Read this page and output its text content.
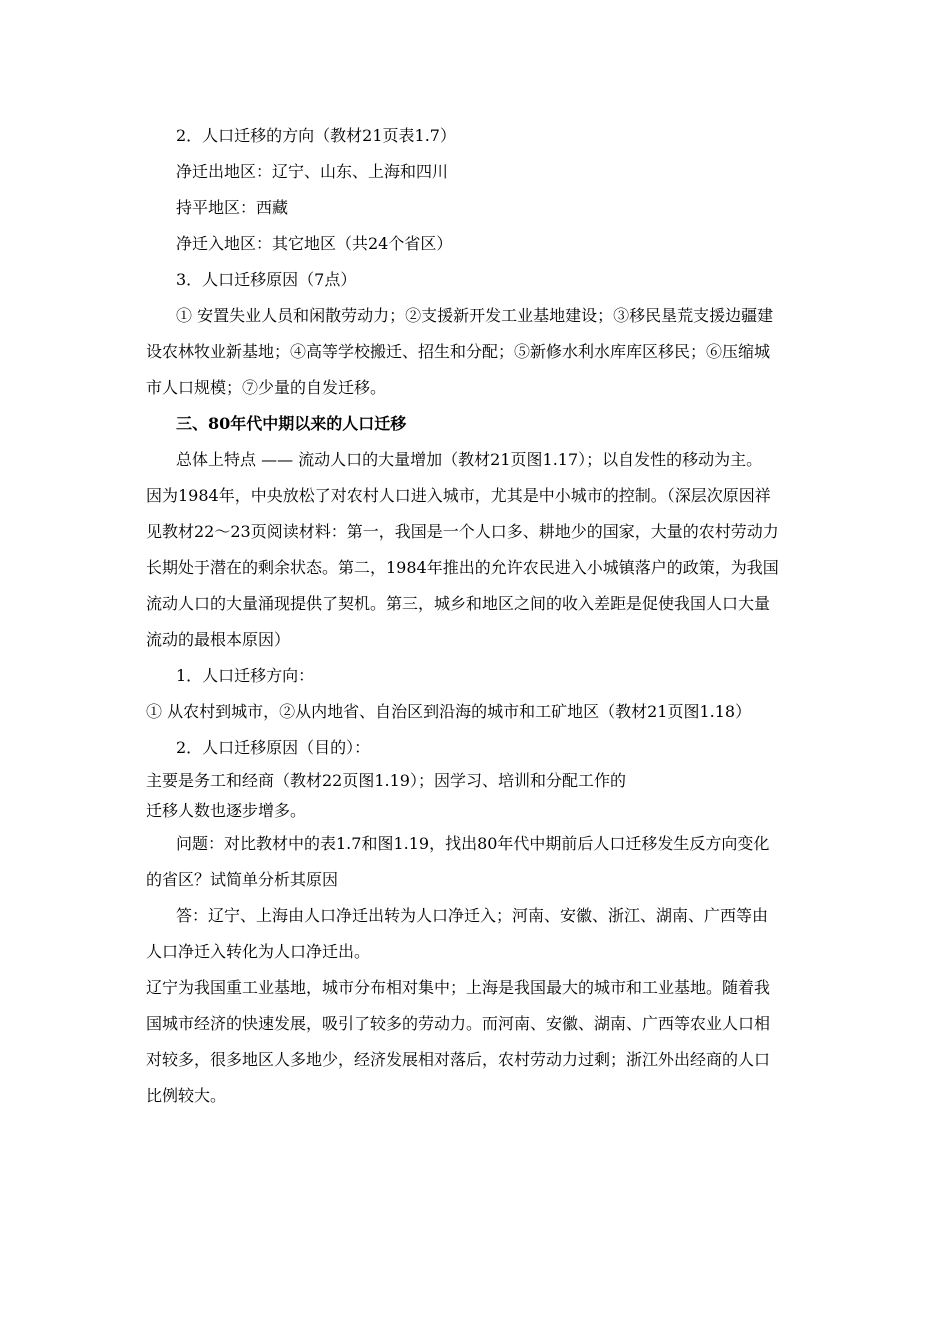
2．人口迁移的方向（教材21页表1.7）

净迁出地区：辽宁、山东、上海和四川

持平地区：西藏

净迁入地区：其它地区（共24个省区）

3．人口迁移原因（7点）

① 安置失业人员和闲散劳动力；②支援新开发工业基地建设；③移民垦荒支援边疆建

设农林牧业新基地；④高等学校搬迁、招生和分配；⑤新修水利水库库区移民；⑥压缩城

市人口规模；⑦少量的自发迁移。

三、80年代中期以来的人口迁移

总体上特点 —— 流动人口的大量增加（教材21页图1.17）；以自发性的移动为主。

因为1984年，中央放松了对农村人口进入城市，尤其是中小城市的控制。（深层次原因祥

见教材22～23页阅读材料：第一，我国是一个人口多、耕地少的国家，大量的农村劳动力

长期处于潜在的剩余状态。第二，1984年推出的允许农民进入小城镇落户的政策，为我国

流动人口的大量涌现提供了契机。第三，城乡和地区之间的收入差距是促使我国人口大量

流动的最根本原因）

1．人口迁移方向：

① 从农村到城市，②从内地省、自治区到沿海的城市和工矿地区（教材21页图1.18）

2．人口迁移原因（目的）：

主要是务工和经商（教材22页图1.19）；因学习、培训和分配工作的

迁移人数也逐步增多。

问题：对比教材中的表1.7和图1.19，找出80年代中期前后人口迁移发生反方向变化

的省区？试简单分析其原因

答：辽宁、上海由人口净迁出转为人口净迁入；河南、安徽、浙江、湖南、广西等由

人口净迁入转化为人口净迁出。

辽宁为我国重工业基地，城市分布相对集中；上海是我国最大的城市和工业基地。随着我

国城市经济的快速发展，吸引了较多的劳动力。而河南、安徽、湖南、广西等农业人口相

对较多，很多地区人多地少，经济发展相对落后，农村劳动力过剩；浙江外出经商的人口

比例较大。
